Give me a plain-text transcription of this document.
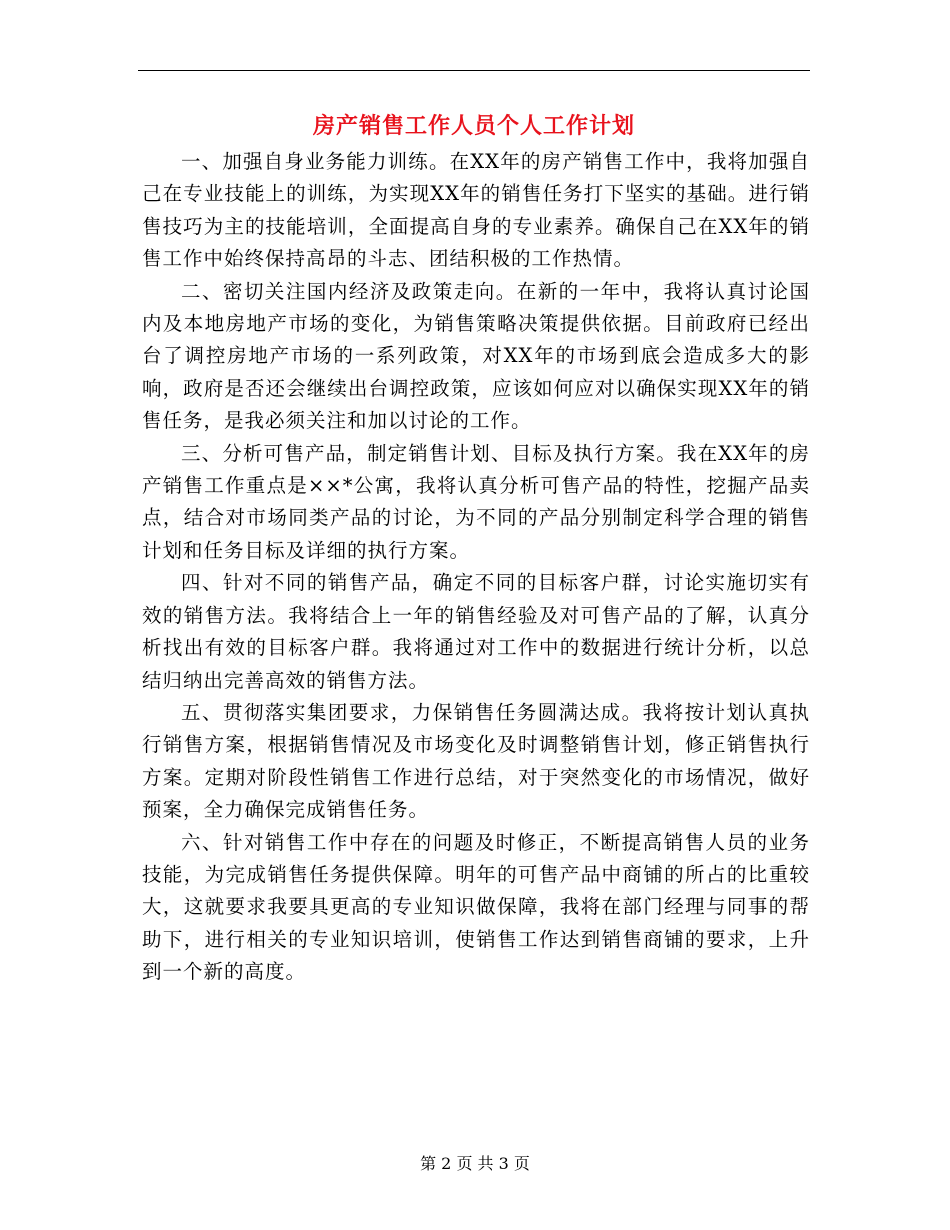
房产销售工作人员个人工作计划

一、加强自身业务能力训练。在XX年的房产销售工作中，我将加强自己在专业技能上的训练，为实现XX年的销售任务打下坚实的基础。进行销售技巧为主的技能培训，全面提高自身的专业素养。确保自己在XX年的销售工作中始终保持高昂的斗志、团结积极的工作热情。

二、密切关注国内经济及政策走向。在新的一年中，我将认真讨论国内及本地房地产市场的变化，为销售策略决策提供依据。目前政府已经出台了调控房地产市场的一系列政策，对XX年的市场到底会造成多大的影响，政府是否还会继续出台调控政策，应该如何应对以确保实现XX年的销售任务，是我必须关注和加以讨论的工作。

三、分析可售产品，制定销售计划、目标及执行方案。我在XX年的房产销售工作重点是××*公寓，我将认真分析可售产品的特性，挖掘产品卖点，结合对市场同类产品的讨论，为不同的产品分别制定科学合理的销售计划和任务目标及详细的执行方案。

四、针对不同的销售产品，确定不同的目标客户群，讨论实施切实有效的销售方法。我将结合上一年的销售经验及对可售产品的了解，认真分析找出有效的目标客户群。我将通过对工作中的数据进行统计分析，以总结归纳出完善高效的销售方法。

五、贯彻落实集团要求，力保销售任务圆满达成。我将按计划认真执行销售方案，根据销售情况及市场变化及时调整销售计划，修正销售执行方案。定期对阶段性销售工作进行总结，对于突然变化的市场情况，做好预案，全力确保完成销售任务。

六、针对销售工作中存在的问题及时修正，不断提高销售人员的业务技能，为完成销售任务提供保障。明年的可售产品中商铺的所占的比重较大，这就要求我要具更高的专业知识做保障，我将在部门经理与同事的帮助下，进行相关的专业知识培训，使销售工作达到销售商铺的要求，上升到一个新的高度。

第 2 页 共 3 页
